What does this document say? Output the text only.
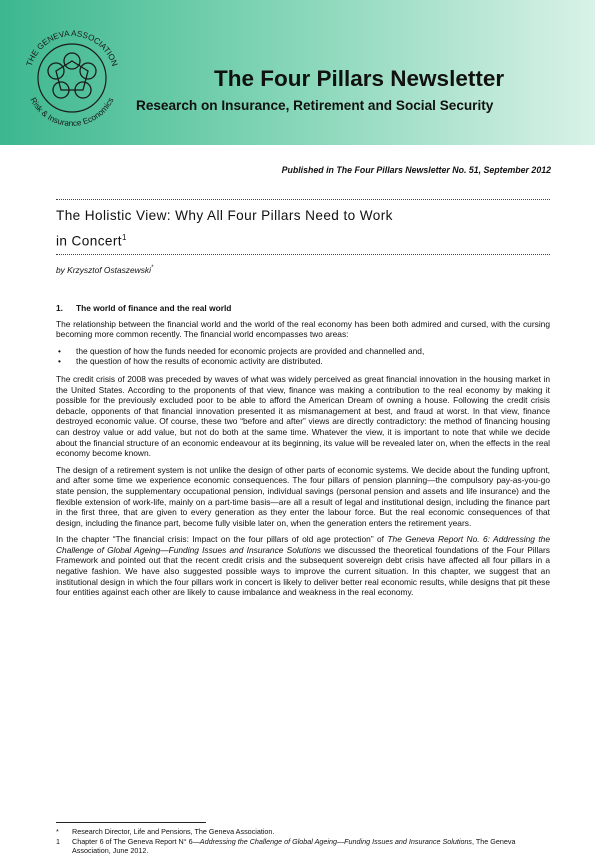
THE GENEVA ASSOCIATION
Risk & Insurance Economics
The Four Pillars Newsletter
Research on Insurance, Retirement and Social Security
Published in The Four Pillars Newsletter No. 51, September 2012
The Holistic View: Why All Four Pillars Need to Work
in Concert$^1$
by Krzysztof Ostaszewski*
1. The world of finance and the real world

The relationship between the financial world and the world of the real economy has been both admired and cursed, with the cursing becoming more common recently. The financial world encompasses two areas:

• the question of how the funds needed for economic projects are provided and channelled and,
• the question of how the results of economic activity are distributed.

The credit crisis of 2008 was preceded by waves of what was widely perceived as great financial innovation in the housing market in the United States. According to the proponents of that view, finance was making a contribution to the real economy by making it possible for the previously excluded poor to be able to afford the American Dream of owning a house. Following the credit crisis debacle, opponents of that financial innovation presented it as mismanagement at best, and fraud at worst. In that view, finance destroyed economic value. Of course, these two “before and after” views are directly contradictory: the method of financing housing can destroy value or add value, but not do both at the same time. Whatever the view, it is important to note that while we decide about the financial structure of an economic endeavour at its beginning, its value will be revealed later on, when the effects in the real economy become known.

The design of a retirement system is not unlike the design of other parts of economic systems. We decide about the funding upfront, and after some time we experience economic consequences. The four pillars of pension planning—the compulsory pay-as-you-go state pension, the supplementary occupational pension, individual savings (personal pension and assets and life insurance) and the flexible extension of work-life, mainly on a part-time basis—are all a result of legal and institutional design, including the finance part in the first three, that are given to every generation as they enter the labour force. But the real economic consequences of that design, including the finance part, become fully visible later on, when the generation enters the retirement years.

In the chapter “The financial crisis: Impact on the four pillars of old age protection” of The Geneva Report No. 6: Addressing the Challenge of Global Ageing—Funding Issues and Insurance Solutions we discussed the theoretical foundations of the Four Pillars Framework and pointed out that the recent credit crisis and the subsequent sovereign debt crisis have affected all four pillars in a negative fashion. We have also suggested possible ways to improve the current situation. In this chapter, we suggest that an institutional design in which the four pillars work in concert is likely to deliver better real economic results, while designs that pit these four entities against each other are likely to cause imbalance and weakness in the real economy.

* Research Director, Life and Pensions, The Geneva Association.
1 Chapter 6 of The Geneva Report N° 6—Addressing the Challenge of Global Ageing—Funding Issues and Insurance Solutions, The Geneva Association, June 2012.
